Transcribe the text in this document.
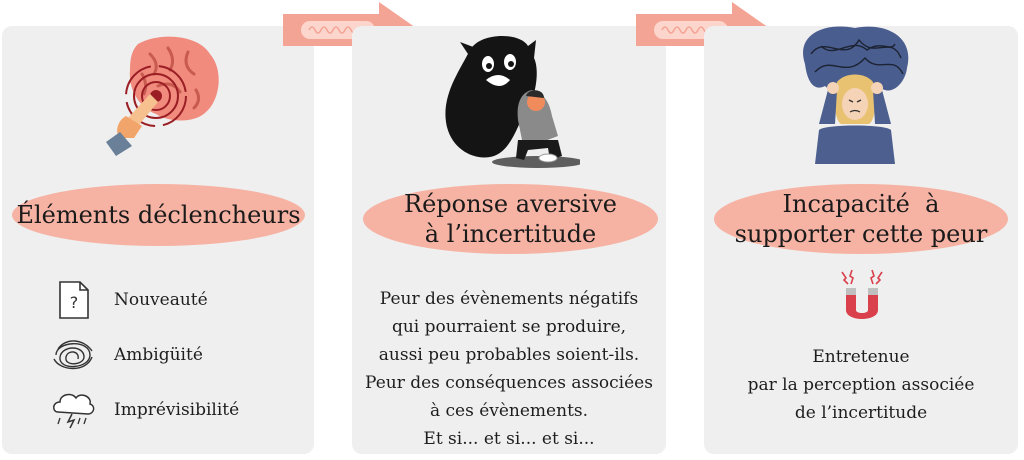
Éléments déclencheurs
? Nouveauté
Ambigüité
Imprévisibilité
Réponse aversive
à l’incertitude
Peur des évènements négatifs
qui pourraient se produire,
aussi peu probables soient-ils.
Peur des conséquences associées
à ces évènements.
Et si... et si... et si...
Incapacité  à
supporter cette peur
Entretenue
par la perception associée
de l’incertitude
